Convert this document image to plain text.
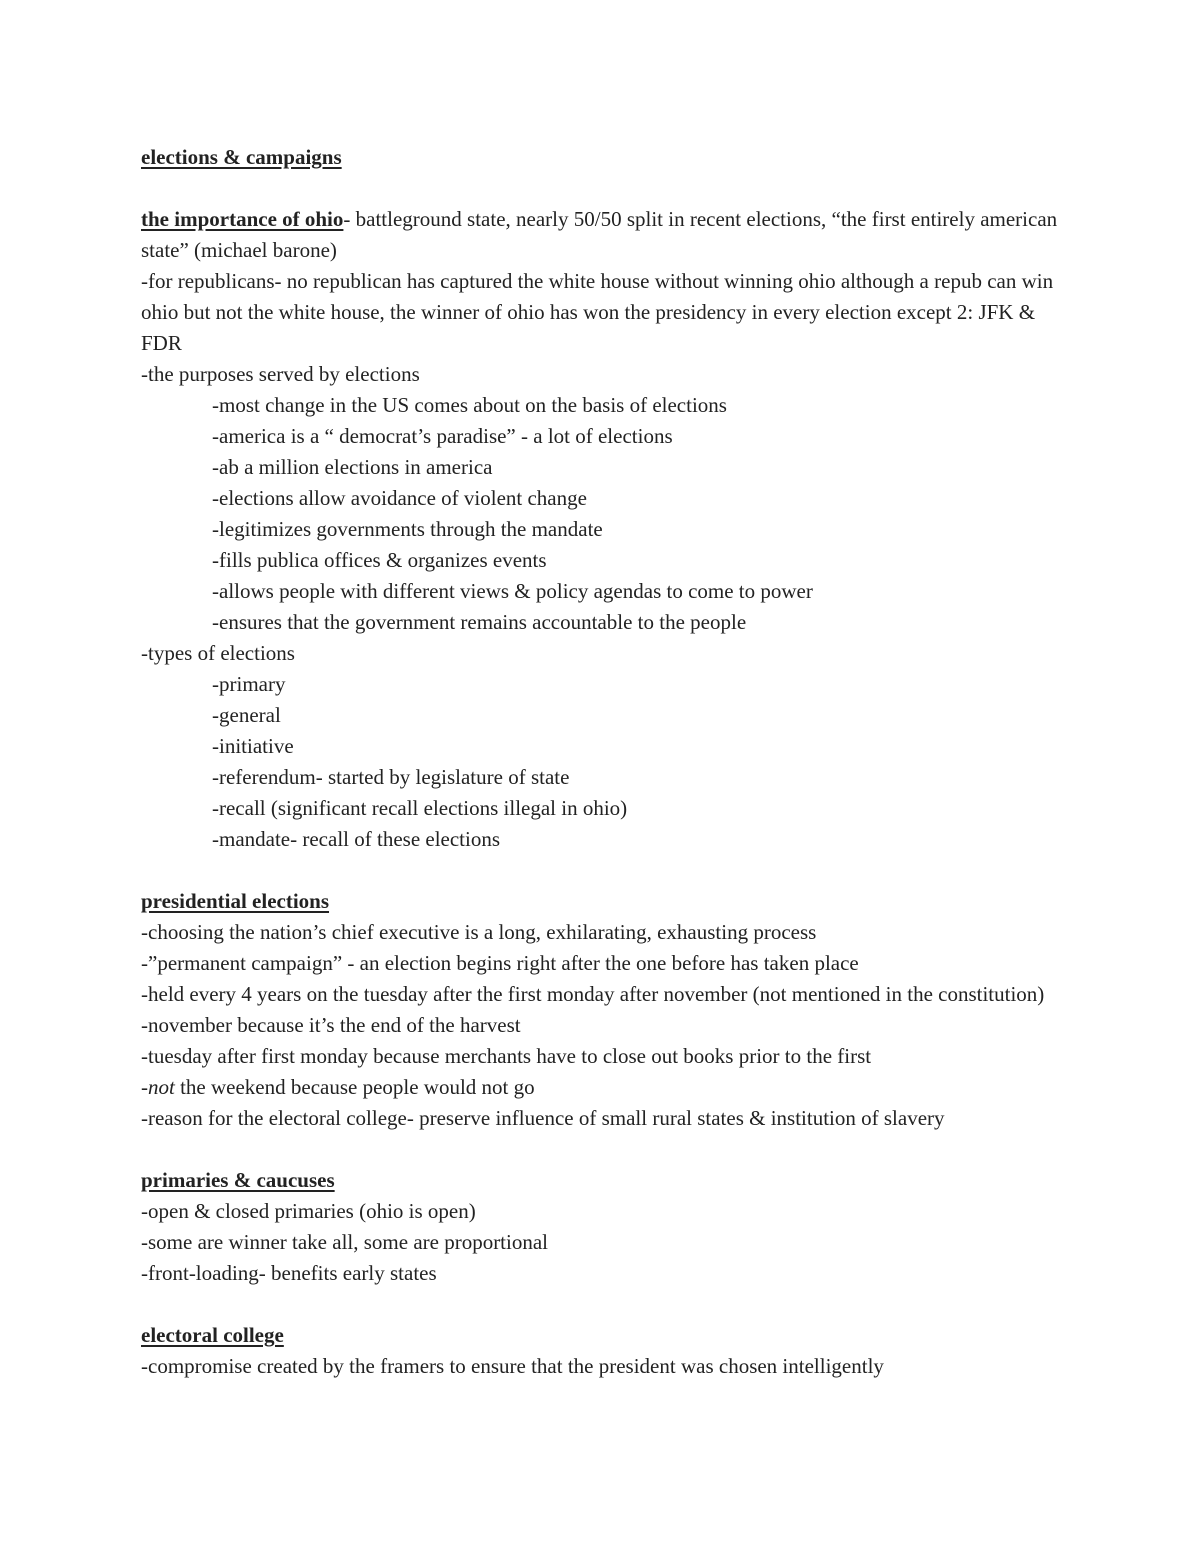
elections & campaigns

the importance of ohio- battleground state, nearly 50/50 split in recent elections, “the first entirely american state” (michael barone)

-for republicans- no republican has captured the white house without winning ohio although a repub can win ohio but not the white house, the winner of ohio has won the presidency in every election except 2: JFK & FDR

-the purposes served by elections

-most change in the US comes about on the basis of elections

-america is a “ democrat’s paradise” - a lot of elections

-ab a million elections in america

-elections allow avoidance of violent change

-legitimizes governments through the mandate

-fills publica offices & organizes events

-allows people with different views & policy agendas to come to power

-ensures that the government remains accountable to the people

-types of elections

-primary

-general

-initiative

-referendum- started by legislature of state

-recall (significant recall elections illegal in ohio)

-mandate- recall of these elections

presidential elections

-choosing the nation’s chief executive is a long, exhilarating, exhausting process

-”permanent campaign” - an election begins right after the one before has taken place

-held every 4 years on the tuesday after the first monday after november (not mentioned in the constitution)

-november because it’s the end of the harvest

-tuesday after first monday because merchants have to close out books prior to the first

-not the weekend because people would not go

-reason for the electoral college- preserve influence of small rural states & institution of slavery

primaries & caucuses

-open & closed primaries (ohio is open)

-some are winner take all, some are proportional

-front-loading- benefits early states

electoral college

-compromise created by the framers to ensure that the president was chosen intelligently
